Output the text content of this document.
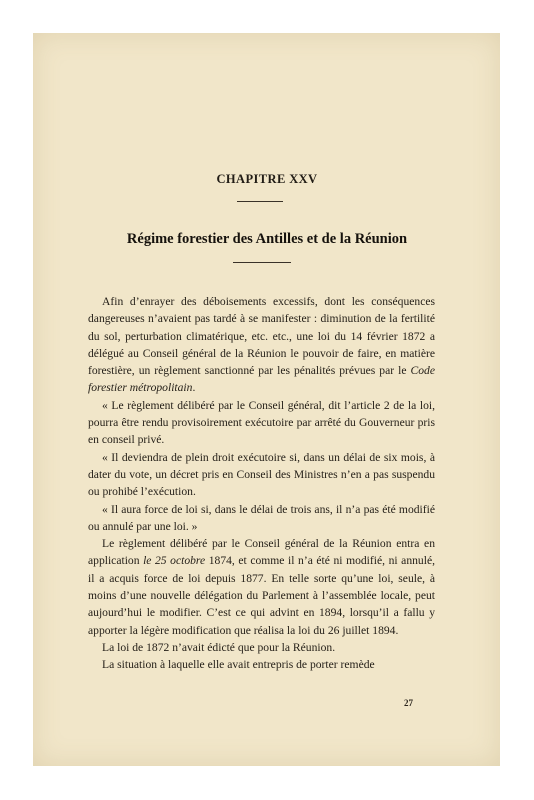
CHAPITRE XXV
Régime forestier des Antilles et de la Réunion

Afin d’enrayer des déboisements excessifs, dont les conséquences dangereuses n’avaient pas tardé à se manifester : diminution de la fertilité du sol, perturbation climatérique, etc. etc., une loi du 14 février 1872 a délégué au Conseil général de la Réunion le pouvoir de faire, en matière forestière, un règlement sanctionné par les pénalités prévues par le Code forestier métropolitain.

« Le règlement délibéré par le Conseil général, dit l’article 2 de la loi, pourra être rendu provisoirement exécutoire par arrêté du Gouverneur pris en conseil privé.

« Il deviendra de plein droit exécutoire si, dans un délai de six mois, à dater du vote, un décret pris en Conseil des Ministres n’en a pas suspendu ou prohibé l’exécution.

« Il aura force de loi si, dans le délai de trois ans, il n’a pas été modifié ou annulé par une loi. »

Le règlement délibéré par le Conseil général de la Réunion entra en application le 25 octobre 1874, et comme il n’a été ni modifié, ni annulé, il a acquis force de loi depuis 1877. En telle sorte qu’une loi, seule, à moins d’une nouvelle délégation du Parlement à l’assemblée locale, peut aujourd’hui le modifier. C’est ce qui advint en 1894, lorsqu’il a fallu y apporter la légère modification que réalisa la loi du 26 juillet 1894.

La loi de 1872 n’avait édicté que pour la Réunion.

La situation à laquelle elle avait entrepris de porter remède

27
